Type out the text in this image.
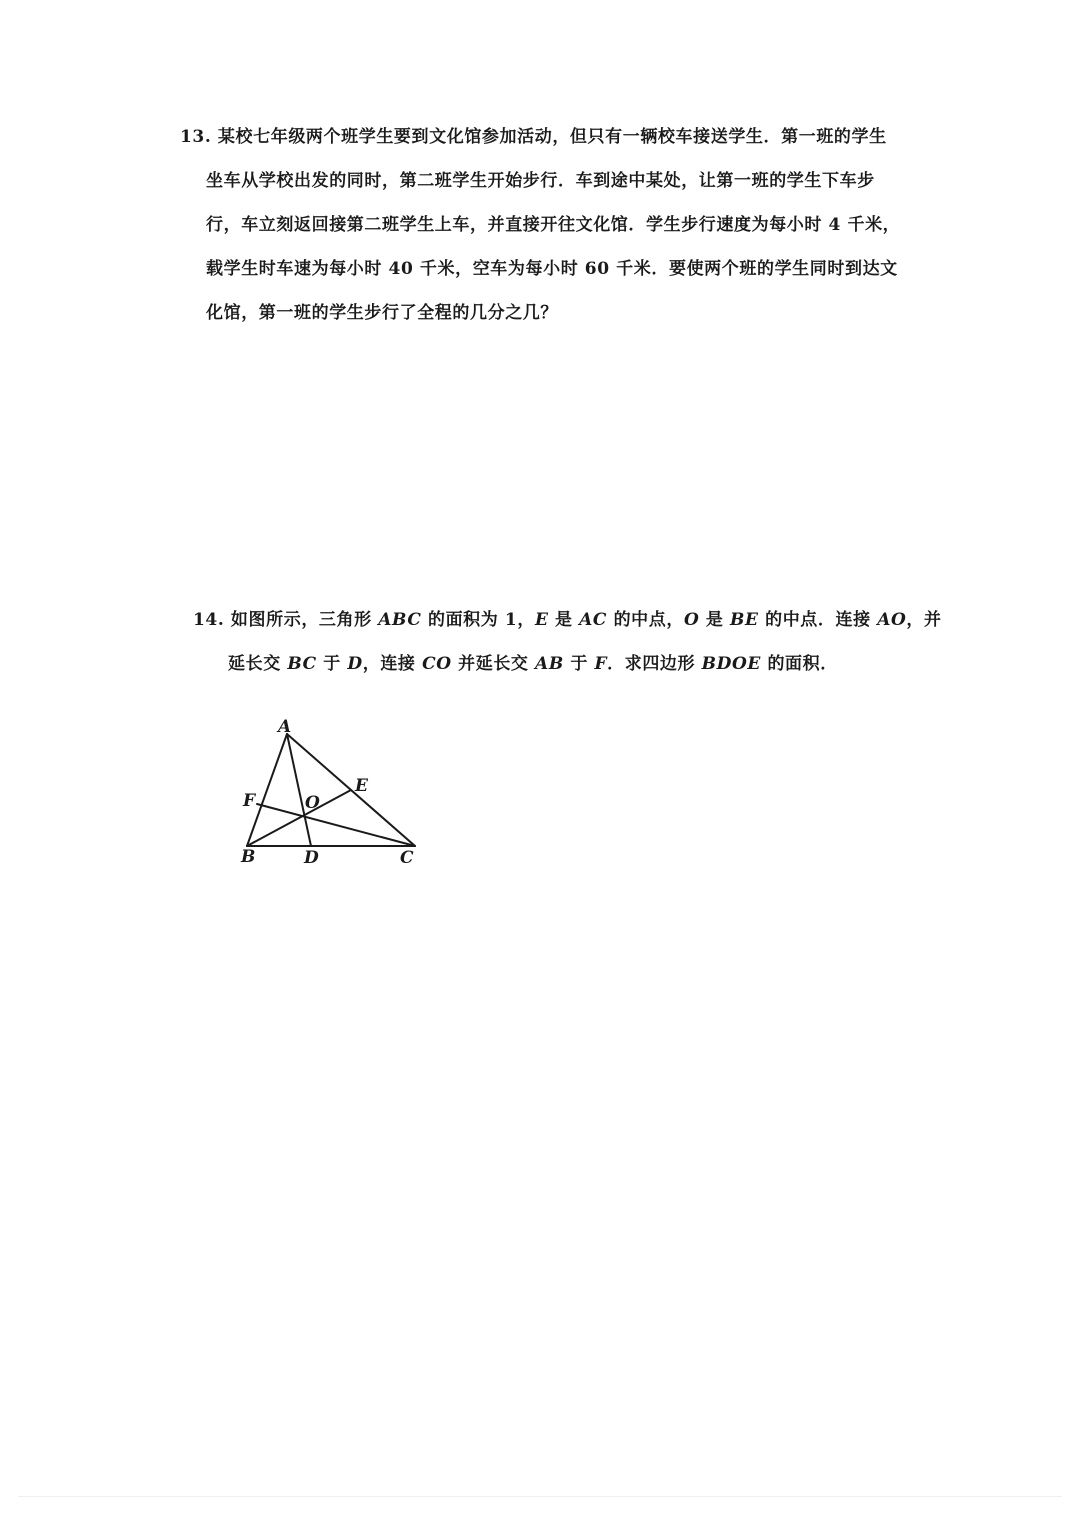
13. 某校七年级两个班学生要到文化馆参加活动，但只有一辆校车接送学生．第一班的学生
坐车从学校出发的同时，第二班学生开始步行．车到途中某处，让第一班的学生下车步
行，车立刻返回接第二班学生上车，并直接开往文化馆．学生步行速度为每小时 4 千米，
载学生时车速为每小时 40 千米，空车为每小时 60 千米．要使两个班的学生同时到达文
化馆，第一班的学生步行了全程的几分之几？
14. 如图所示，三角形 ABC 的面积为 1，E 是 AC 的中点，O 是 BE 的中点．连接 AO，并
延长交 BC 于 D，连接 CO 并延长交 AB 于 F．求四边形 BDOE 的面积．
A
B	C
D
E
F	O
